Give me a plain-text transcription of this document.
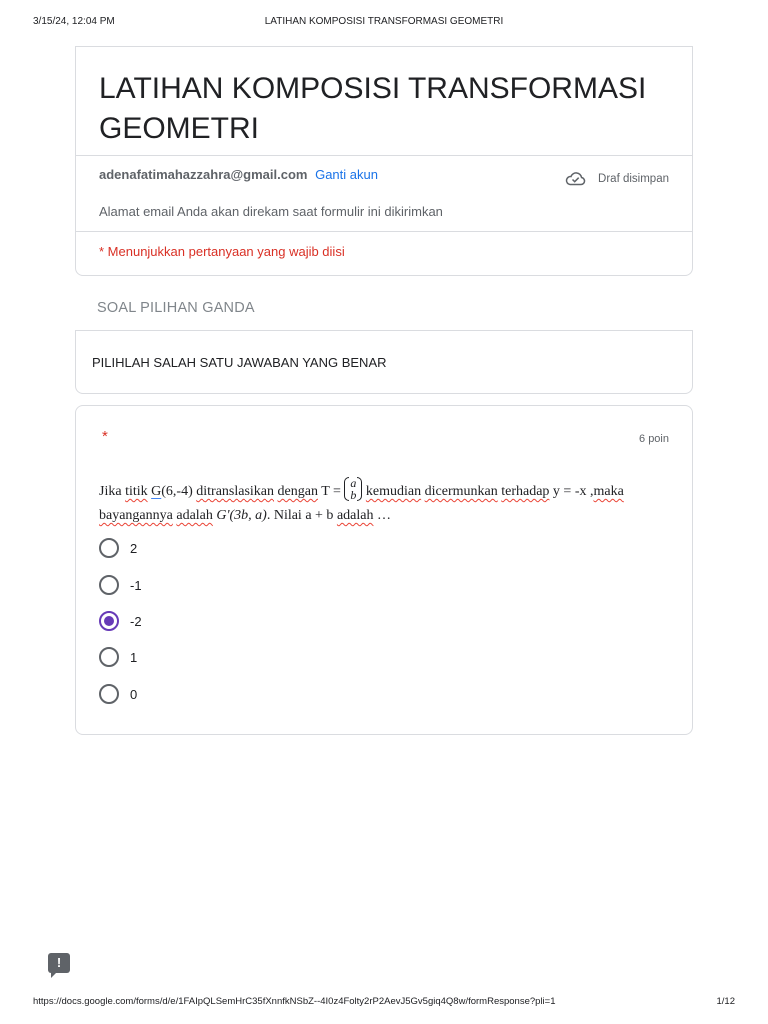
3/15/24, 12:04 PM	LATIHAN KOMPOSISI TRANSFORMASI GEOMETRI
LATIHAN KOMPOSISI TRANSFORMASI GEOMETRI
adenafatimahazzahra@gmail.com Ganti akun	Draf disimpan
Alamat email Anda akan direkam saat formulir ini dikirimkan
* Menunjukkan pertanyaan yang wajib diisi
SOAL PILIHAN GANDA
PILIHLAH SALAH SATU JAWABAN YANG BENAR
*	6 poin
Jika titik G(6,-4) ditranslasikan dengan T =
a
b kemudian dicermunkan terhadap y = -x ,maka bayangannya adalah G'(3b, a). Nilai a + b adalah …
2
-1
-2
1
0
!
https://docs.google.com/forms/d/e/1FAIpQLSemHrC35fXnnfkNSbZ--4I0z4Folty2rP2AevJ5Gv5giq4Q8w/formResponse?pli=1	1/12
